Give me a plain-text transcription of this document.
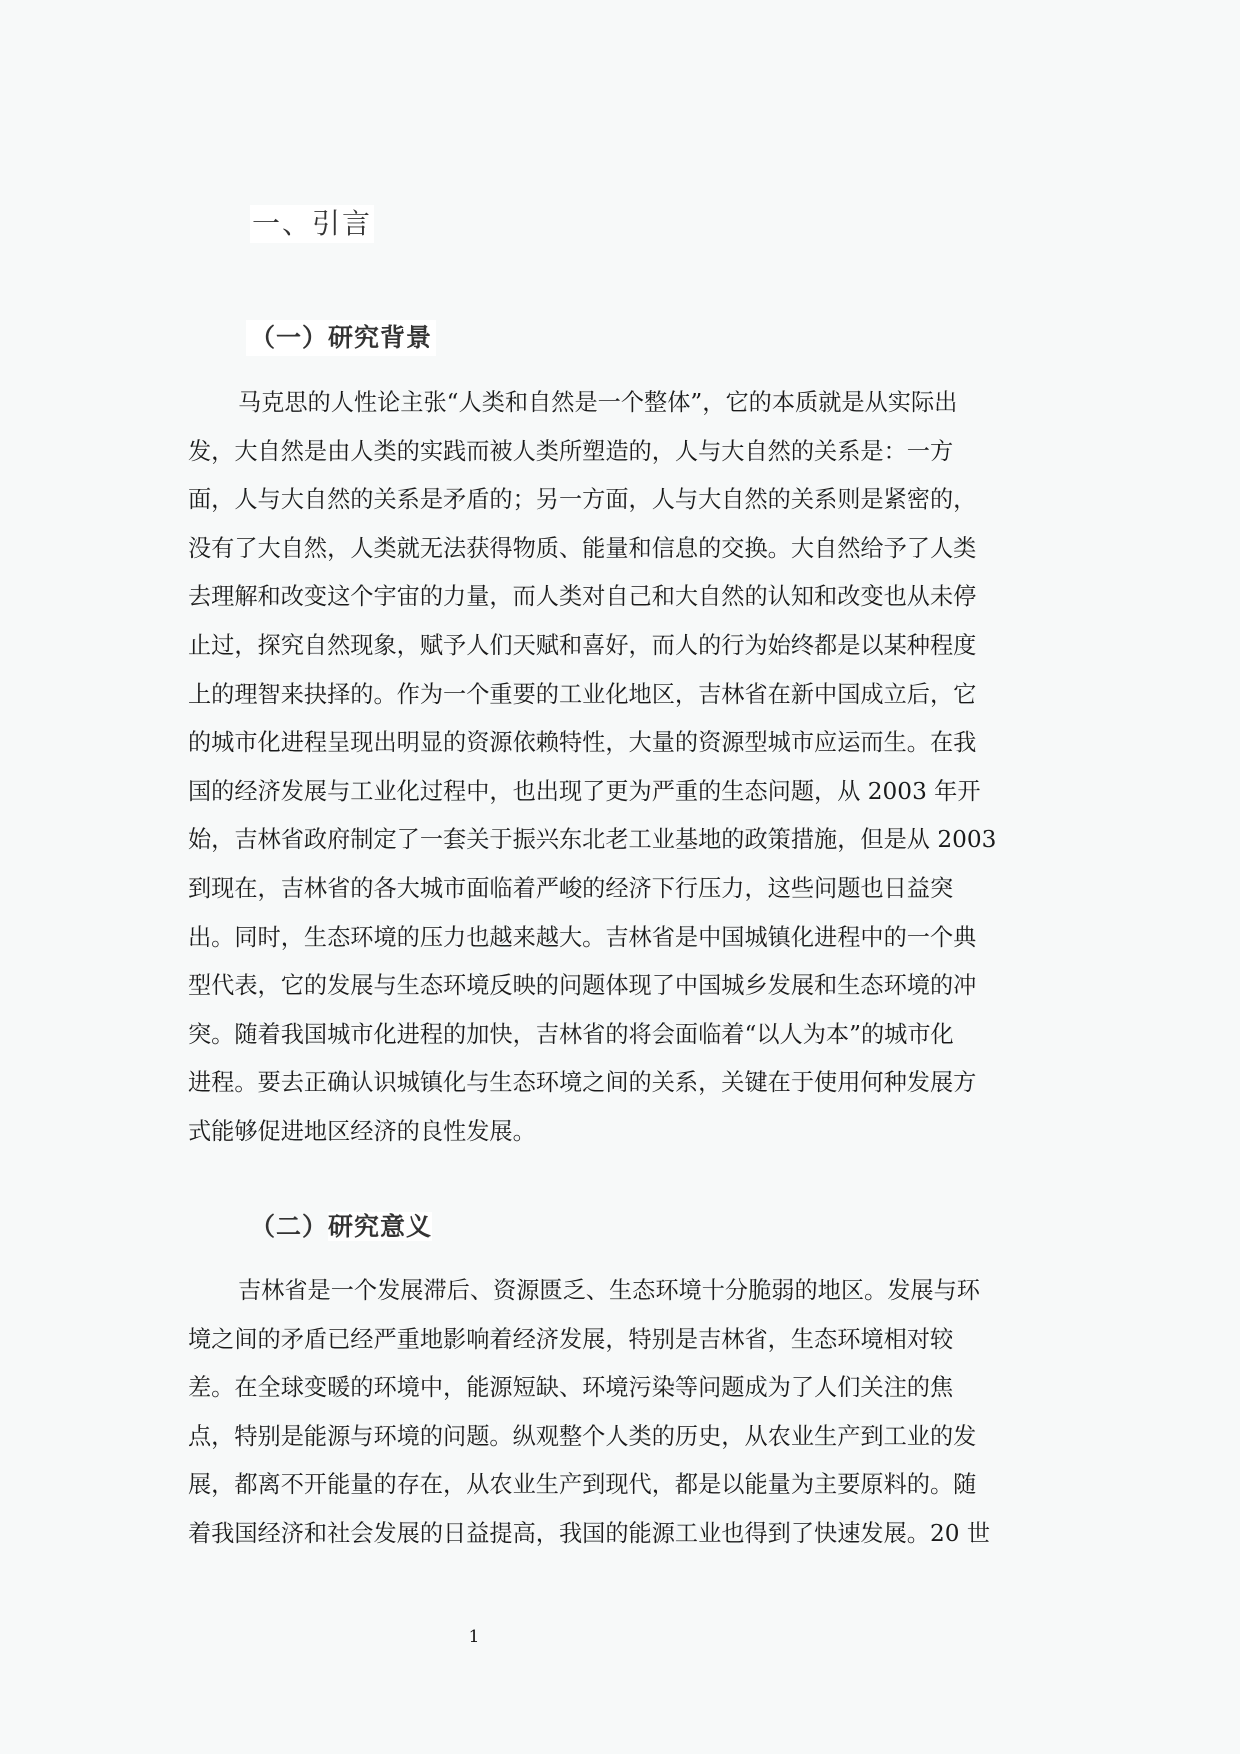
一、引言
（一）研究背景
马克思的人性论主张“人类和自然是一个整体”，它的本质就是从实际出
发，大自然是由人类的实践而被人类所塑造的，人与大自然的关系是：一方
面，人与大自然的关系是矛盾的；另一方面，人与大自然的关系则是紧密的，
没有了大自然，人类就无法获得物质、能量和信息的交换。大自然给予了人类
去理解和改变这个宇宙的力量，而人类对自己和大自然的认知和改变也从未停
止过，探究自然现象，赋予人们天赋和喜好，而人的行为始终都是以某种程度
上的理智来抉择的。作为一个重要的工业化地区，吉林省在新中国成立后，它
的城市化进程呈现出明显的资源依赖特性，大量的资源型城市应运而生。在我
国的经济发展与工业化过程中，也出现了更为严重的生态问题，从 2003 年开
始，吉林省政府制定了一套关于振兴东北老工业基地的政策措施，但是从 2003
到现在，吉林省的各大城市面临着严峻的经济下行压力，这些问题也日益突
出。同时，生态环境的压力也越来越大。吉林省是中国城镇化进程中的一个典
型代表，它的发展与生态环境反映的问题体现了中国城乡发展和生态环境的冲
突。随着我国城市化进程的加快，吉林省的将会面临着“以人为本”的城市化
进程。要去正确认识城镇化与生态环境之间的关系，关键在于使用何种发展方
式能够促进地区经济的良性发展。
（二）研究意义
吉林省是一个发展滞后、资源匮乏、生态环境十分脆弱的地区。发展与环
境之间的矛盾已经严重地影响着经济发展，特别是吉林省，生态环境相对较
差。在全球变暖的环境中，能源短缺、环境污染等问题成为了人们关注的焦
点，特别是能源与环境的问题。纵观整个人类的历史，从农业生产到工业的发
展，都离不开能量的存在，从农业生产到现代，都是以能量为主要原料的。随
着我国经济和社会发展的日益提高，我国的能源工业也得到了快速发展。20 世
1
